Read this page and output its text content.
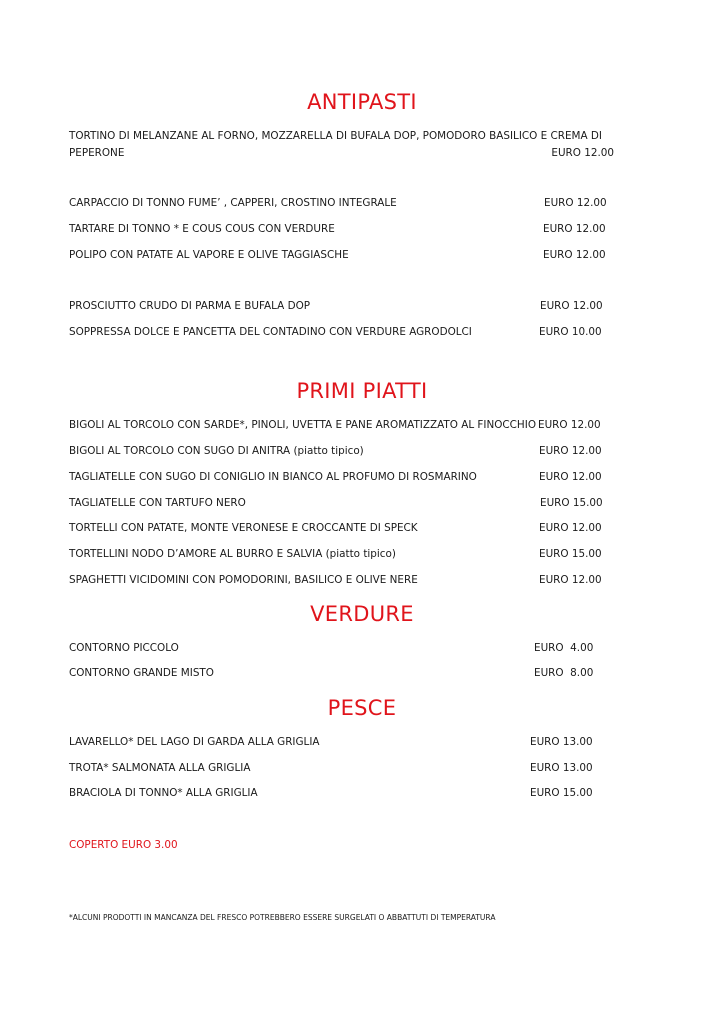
ANTIPASTI
TORTINO DI MELANZANE AL FORNO, MOZZARELLA DI BUFALA DOP, POMODORO BASILICO E CREMA DI
PEPERONE	EURO 12.00
CARPACCIO DI TONNO FUME’ , CAPPERI, CROSTINO INTEGRALE	EURO 12.00
TARTARE DI TONNO * E COUS COUS CON VERDURE	EURO 12.00
POLIPO CON PATATE AL VAPORE E OLIVE TAGGIASCHE	EURO 12.00
PROSCIUTTO CRUDO DI PARMA E BUFALA DOP	EURO 12.00
SOPPRESSA DOLCE E PANCETTA DEL CONTADINO CON VERDURE AGRODOLCI	EURO 10.00
PRIMI PIATTI
BIGOLI AL TORCOLO CON SARDE*, PINOLI, UVETTA E PANE AROMATIZZATO AL FINOCCHIO EURO 12.00
BIGOLI AL TORCOLO CON SUGO DI ANITRA (piatto tipico)	EURO 12.00
TAGLIATELLE CON SUGO DI CONIGLIO IN BIANCO AL PROFUMO DI ROSMARINO	EURO 12.00
TAGLIATELLE CON TARTUFO NERO	EURO 15.00
TORTELLI CON PATATE, MONTE VERONESE E CROCCANTE DI SPECK	EURO 12.00
TORTELLINI NODO D’AMORE AL BURRO E SALVIA (piatto tipico)	EURO 15.00
SPAGHETTI VICIDOMINI CON POMODORINI, BASILICO E OLIVE NERE	EURO 12.00
VERDURE
CONTORNO PICCOLO	EURO  4.00
CONTORNO GRANDE MISTO	EURO  8.00
PESCE
LAVARELLO* DEL LAGO DI GARDA ALLA GRIGLIA	EURO 13.00
TROTA* SALMONATA ALLA GRIGLIA	EURO 13.00
BRACIOLA DI TONNO* ALLA GRIGLIA	EURO 15.00
COPERTO EURO 3.00
*ALCUNI PRODOTTI IN MANCANZA DEL FRESCO POTREBBERO ESSERE SURGELATI O ABBATTUTI DI TEMPERATURA
